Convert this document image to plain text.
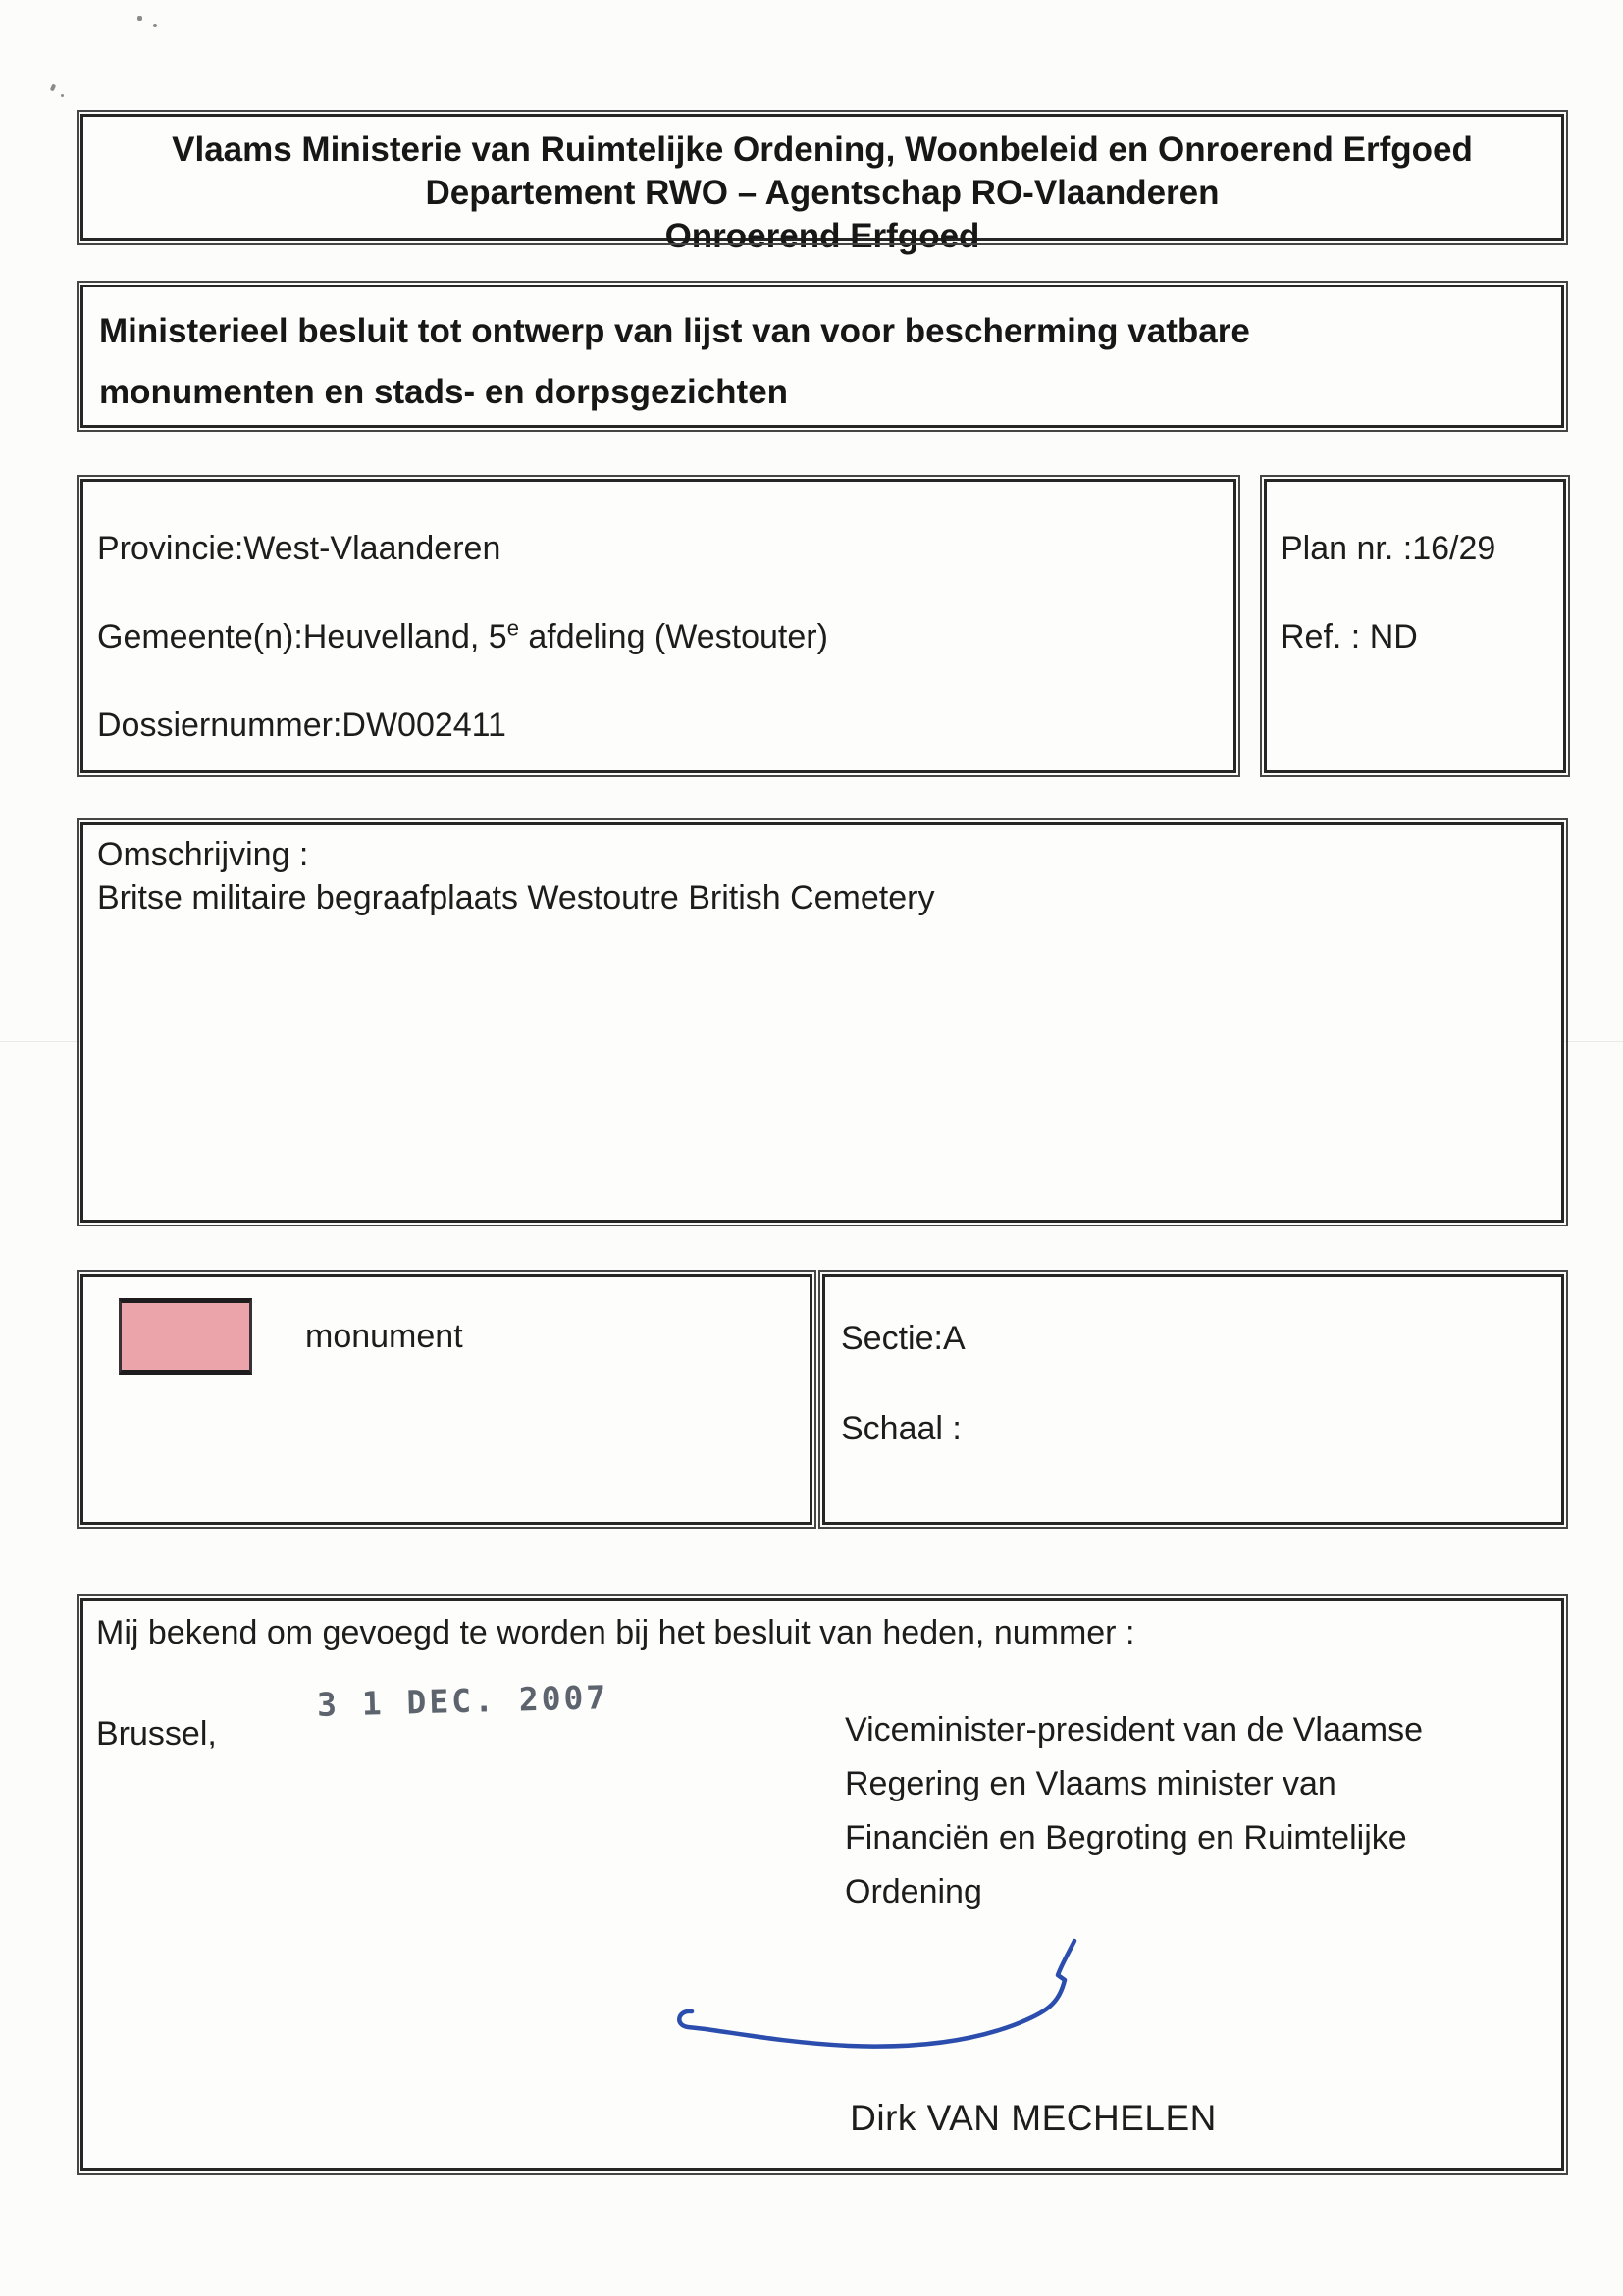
Vlaams Ministerie van Ruimtelijke Ordening, Woonbeleid en Onroerend Erfgoed
Departement RWO – Agentschap RO-Vlaanderen
Onroerend Erfgoed
Ministerieel besluit tot ontwerp van lijst van voor bescherming vatbare
monumenten en stads- en dorpsgezichten
Provincie:West-Vlaanderen
Gemeente(n):Heuvelland, 5e afdeling (Westouter)
Dossiernummer:DW002411
Plan nr. :16/29
Ref. : ND
Omschrijving :
Britse militaire begraafplaats Westoutre British Cemetery
monument	Sectie:A
Schaal :
Mij bekend om gevoegd te worden bij het besluit van heden, nummer :
Brussel,
3 1 DEC. 2007
Viceminister-president van de Vlaamse
Regering en Vlaams minister van
Financiën en Begroting en Ruimtelijke
Ordening
Dirk VAN MECHELEN
